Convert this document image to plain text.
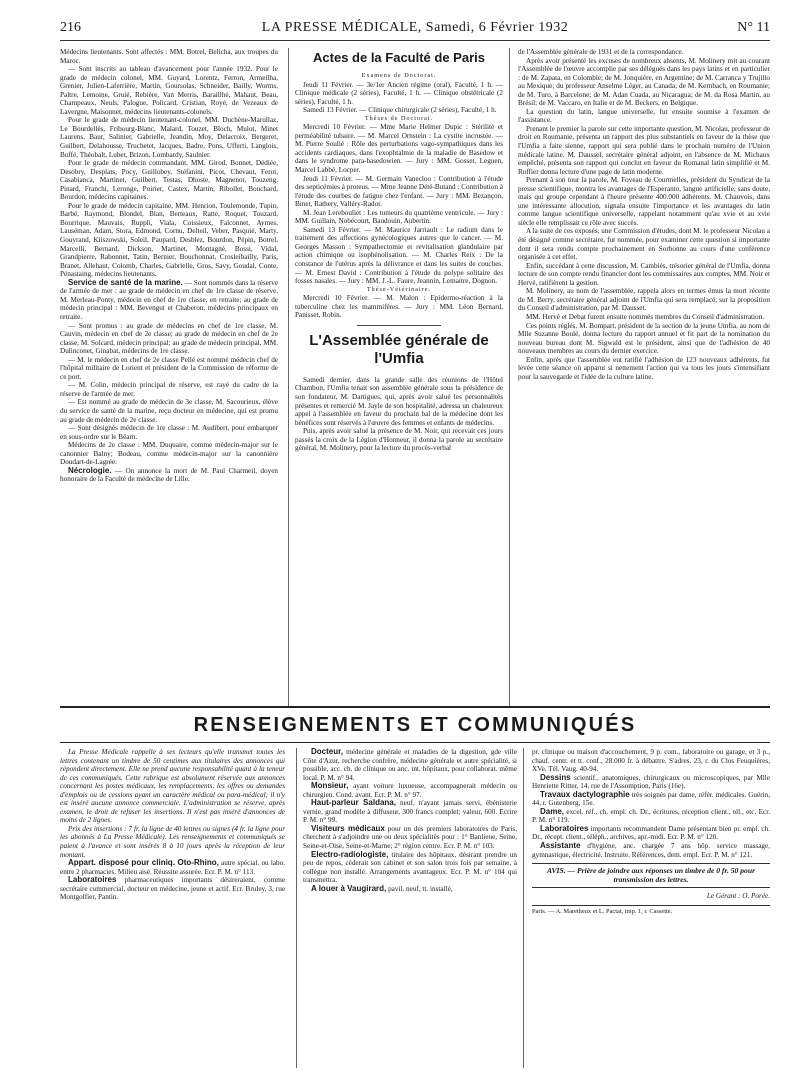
216	LA PRESSE MÉDICALE, Samedi, 6 Février 1932	N° 11

Médecins lieutenants. Sont affectés : MM. Botrel, Belicha, aux troupes du Maroc.

— Sont inscrits au tableau d'avancement pour l'année 1932. Pour le grade de médecin colonel, MM. Guyard, Lorentz, Ferron, Armeilha, Grenier, Julien-Laferrière, Martin, Goursolas, Schneider, Bailly, Worms, Paltre, Lemoine, Gruié, Rebière, Van Merris, Baraillhé, Mahaut, Beau, Champeaux, Neuls, Palogue, Policard, Cristian, Royé, de Vezeaux de Lavergne, Maisonnet, médecins lieutenants-colonels.

Pour le grade de médecin lieutenant-colonel, MM. Duchène-Marullaz, Le Bourdellès, Fribourg-Blanc, Malard, Touzet, Bloch, Mulot, Minet Laurens, Baur, Salinier, Gabrielle, Jeandin, Moy, Delacroix, Bergeret, Guilbert, Delahousse, Truchetet, Jacques, Badre, Pons, Ufferti, Langlois, Buffé, Théobalt, Lubet, Brizon, Lombardy, Saulnier.

Pour le grade de médecin commandant, MM. Girod, Bonnet, Dédiée, Desobry, Desplats, Pocy, Guillobey, Stéfanini, Picot, Chevaut, Ferot, Casabianca, Martinet, Guilbert, Testas, Dhoste, Magnenot, Touzeng, Pinard, Franchi, Leronge, Poirier, Castex, Martin, Ribollet, Bouchard, Bourdon, médecins capitaines.

Pour le grade de médecin capitaine, MM. Henrion, Toulemonde, Tupin, Barbé, Raymond, Blondel, Blan, Berteaux, Ratte, Roquet, Touzard, Bourrique, Mauvais, Ruppli, Viala, Coissieux, Falconnet, Aymes, Lauséman, Adam, Stora, Edmond, Cornu, Delteil, Veber, Pasquié, Marty, Gouyrand, Kliszowski, Soleil, Paupard, Desblez, Bourdon, Pépin, Botrel, Marcelli, Bernard, Dickson, Martinet, Montagné, Bossi, Vidal, Grandpierre, Rabonnet, Tatin, Bernier, Bouchonnat, Crosleibailly, Paris, Branet, Allehaut, Colomb, Charles, Gabrielle, Gros, Savy, Goudal, Conte, Pénastaing, médecins lieutenants.

Service de santé de la marine. — Sont nommés dans la réserve de l'armée de mer : au grade de médecin en chef de 1re classe de réserve, M. Merleau-Ponty, médecin en chef de 1re classe, en retraite; au grade de médecin principal : MM. Bevengut et Chaberon, médecins principaux en retraite.

— Sont promus : au grade de médecins en chef de 1re classe, M. Cauvin, médecin en chef de 2e classe; au grade de médecin en chef de 2e classe, M. Solcard, médecin principal; au grade de médecin principal, MM. Dulinconet, Ginabat, médecins de 1re classe.

— M. le médecin en chef de 2e classe Pellé est nommé médecin chef de l'hôpital militaire de Lorient et président de la Commission de réforme de ce port.

— M. Colin, médecin principal de réserve, est rayé du cadre de la réserve de l'armée de mer.

— Est nommé au grade de médecin de 3e classe, M. Sacourieux, élève du service de santé de la marine, reçu docteur en médecine, qui est promu au grade de médecin de 2e classe.

— Sont désignés médecin de 1re classe : M. Audibert, pour embarquer en sous-ordre sur le Béarn.

Médecins de 2e classe : MM. Duquaire, comme médecin-major sur le canonnier Balny; Bodeau, comme médecin-major sur la canonnière Doudart-de-Lagrée.

Nécrologie. — On annonce la mort de M. Paul Charmeil, doyen honoraire de la Faculté de médecine de Lille.

Actes de la Faculté de Paris

Examens de Doctorat.

Jeudi 11 Février. — 3e/1er Ancien régime (oral), Faculté, 1 h. — Clinique médicale (2 séries), Faculté, 1 h. — Clinique obstétricale (2 séries), Faculté, 1 h.

Samedi 13 Février. — Clinique chirurgicale (2 séries), Faculté, 1 h.

Thèses de Doctorat.

Mercredi 10 Février. — Mme Marie Helmer Dupic : Stérilité et perméabilité tubaire. — M. Marcel Ornstein : La cystite incrustée. — M. Pierre Soulié : Rôle des perturbations vago-sympathiques dans les accidents cardiaques, dans l'exophtalmie de la maladie de Basedow et dans le syndrome para-basedowien. — Jury : MM. Gosset, Leguen, Marcel Labbé, Locper.

Jeudi 11 Février. — M. Germain Vanecloo : Contribution à l'étude des septicémies à proteus. — Mme Jeanne Dété-Butand : Contribution à l'étude des courbes de fatigue chez l'enfant. — Jury : MM. Bezançon, Binet, Rathery, Valléry-Radot.

M. Jean Lerebouliet : Les tumeurs du quatrième ventricule. — Jury : MM. Guillain, Nobécourt, Baudouin, Aubertin.

Samedi 13 Février. — M. Maurice Jarriault : Le radium dans le traitement des affections gynécologiques autres que le cancer. — M. Georges Masson : Sympathectomie et revitalisation glandulaire par action chimique ou isophénolisation. — M. Charles Reix : De la constance de l'utérus après la délivrance et dans les suites de couches. — M. Ernest David : Contribution à l'étude du polype solitaire des fosses nasales. — Jury : MM. J.-L. Faure, Jeannin, Lemaitre, Dognon.

Thèse-Vétérinaire.

Mercredi 10 Février. — M. Malon : Epidermo-réaction à la tuberculine chez les mammifères. — Jury : MM. Léon Bernard, Panisset, Robin.

L'Assemblée générale de l'Umfia

Samedi dernier, dans la grande salle des réunions de l'Hôtel Chambon, l'Umfia tenait son assemblée générale sous la présidence de son fondateur, M. Dartigues, qui, après avoir salué les personnalités présentes et remercié M. Jayle de son hospitalité, adressa un chaleureux appel à l'assemblée en faveur du prochain bal de la médecine dont les bénéfices sont réservés à l'œuvre des femmes et enfants de médecins.

Puis, après avoir salué la présence de M. Noir, qui recevait ces jours passés la croix de la Légion d'Honneur, il donna la parole au secrétaire général, M. Molinery, pour la lecture du procès-verbal

de l'Assemblée générale de 1931 et de la correspondance.

Après avoir présenté les excuses de nombreux absents, M. Molinery mit au courant l'Assemblée de l'œuvre accomplie par ses délégués dans les pays latins et en particulier : de M. Zapata, en Colombie; de M. Jonquière, en Argentine; de M. Carranca y Trujillo au Mexique; du professeur Anselme Léger, au Canada; de M. Kernbach, en Roumanie; de M. Turo, à Barcelone; de M. Adan Cuada, au Nicaragua; de M. da Rosa Martin, au Brésil; de M. Vaccaro, en Italie et de M. Beckers, en Belgique.

La question du latin, langue universelle, fut ensuite soumise à l'examen de l'assistance.

Prenant le premier la parole sur cette importante question, M. Nicolau, professeur de droit en Roumanie, présenta un rapport des plus substantiels en faveur de la thèse que l'Umfia a faite sienne, rapport qui sera publié dans le prochain numéro de l'Union médicale latine. M. Daussel, secrétaire général adjoint, en l'absence de M. Michaux empêché, présenta son rapport qui conclut en faveur du Romanal latin simplifié et M. Ruffier donna lecture d'une page de latin moderne.

Prenant à son tour la parole, M. Foveau de Courmelles, président du Syndicat de la presse scientifique, montra les avantages de l'Esperanto, langue artificielle, sans doute, mais qui groupe cependant à l'heure présente 400.000 adhérents. M. Chauvois, dans une intéressante allocution, signala ensuite l'importance et les avantages du latin comme langue scientifique universelle, rappelant notamment qu'au xvie et au xvie siècle elle remplissait ce rôle avec succès.

A la suite de ces exposés, une Commission d'études, dont M. le professeur Nicolau a été désigné comme secrétaire, fut nommée, pour examiner cette question si importante dont il sera rendu compte prochainement en Sorbonne au cours d'une conférence organisée à cet effet.

Enfin, succédant à cette discussion, M. Cambiès, trésorier général de l'Umfia, donna lecture de son compte rendu financier dont les commissaires aux comptes, MM. Noir et Hervé, ratifièrent la gestion.

M. Molinery, au nom de l'assemblée, rappela alors en termes émus la mort récente de M. Berry, secrétaire général adjoint de l'Umfia qui sera remplacé, sur la proposition du Conseil d'administration, par M. Dausset.

MM. Hervé et Debat furent ensuite nommés membres du Conseil d'administration.

Ces points réglés, M. Bompart, président de la section de la jeune Umfia, au nom de Mlle Suzanne Boulé, donna lecture du rapport annuel et fit part de la nomination du nouveau bureau dont M. Sigwald est le président, ainsi que de l'adhésion de 40 nouveaux membres au cours du dernier exercice.

Enfin, après que l'assemblée eut ratifié l'adhésion de 123 nouveaux adhérents, fut levée cette séance où apparut si nettement l'action qui va tous les jours s'intensifiant pour la sauvegarde et l'idée de la culture latine.

RENSEIGNEMENTS ET COMMUNIQUÉS

La Presse Médicale rappelle à ses lecteurs qu'elle transmet toutes les lettres contenant un timbre de 50 centimes aux titulaires des annonces qui répondent directement. Elle ne prend aucune responsabilité quant à la teneur de ces communiqués. Cette rubrique est absolument réservée aux annonces concernant les postes médicaux, les remplacements, les offres ou demandes d'emplois ou de cessions ayant un caractère médical ou para-médical; il n'y est inséré aucune annonce commerciale. L'administration se réserve, après examen, le droit de refuser les insertions. Il n'est pas inséré d'annonces de moins de 2 lignes.

Prix des insertions : 7 fr. la ligne de 40 lettres ou signes (4 fr. la ligne pour les abonnés à La Presse Médicale). Les renseignements et communiqués se paient à l'avance et sont insérés 8 à 10 jours après la réception de leur montant.

Appart. disposé pour cliniq. Oto-Rhino, autre spécial. ou labo. entre 2 pharmacies. Milieu aisé. Réussite assurée. Ecr. P. M. n° 113.

Laboratoires pharmaceutiques importants désireraient, comme secrétaire commercial, docteur en médecine, jeune et actif. Ecr. Bruley, 3, rue Montgolfier, Pantin.

Docteur, médecine générale et maladies de la digestion, gde ville Côte d'Azur, recherche confrère, médecine générale et autre spécialité, si possible, acc. ch. de clinique ou anc. int. hôpitaux, pour collaborat. même local. P. M. n° 94.

Monsieur, ayant voiture luxueuse, accompagnerait médecin ou chirurgien. Cond. avant. Ecr. P. M. n° 97.

Haut-parleur Saldana, neuf, n'ayant jamais servi, ébénisterie vernie, grand modèle à diffuseur, 300 francs complet; valeur, 600. Ecrire P. M. n° 99.

Visiteurs médicaux pour un des premiers laboratoires de Paris, cherchent à s'adjoindre une ou deux spécialités pour : 1° Banlieue, Seine, Seine-et-Oise, Seine-et-Marne; 2° région centre. Ecr. P. M. n° 103.

Electro-radiologiste, titulaire des hôpitaux, désirant prendre un peu de repos, céderait son cabinet et son salon trois fois par semaine, à collègue non installé. Arrangements avantageux. Ecr. P. M. n° 104 qui transmettra.

A louer à Vaugirard, pavil. neuf, tt. installé,

pr. clinique ou maison d'accouchement, 9 p. com., laboratoire ou garage, et 3 p., chauf. centr. et tt. conf., 28.000 fr. à débattre. S'adres. 23, r. du Clos Feuquières, XVe. Tél. Vaug. 40-94.

Dessins scientif., anatomiques, chirurgicaux ou microscopiques, par Mlle Henriette Ritter, 14, rue de l'Assomption, Paris (16e).

Travaux dactylographie très soignés par dame, référ. médicales. Guérin, 44, r. Gutenberg, 15e.

Dame, excel. réf., ch. empl. ch. Dr., écritures, réception client., tél., etc. Ecr. P. M. n° 119.

Laboratoires importants recommandent Dame présentant bien pr. empl. ch. Dr., récept. client., téléph., archives, apr.-midi. Ecr. P. M. n° 120.

Assistante d'hygiène, anc. chargée 7 ans hôp. service massage, gymnastique, électricité. Instruite. Références, dem. empl. Ecr. P. M. n° 121.

AVIS. — Prière de joindre aux réponses un timbre de 0 fr. 50 pour transmission des lettres.
Le Gérant : O. Porée.

Paris. — A. Maretheux et L. Pactat, imp. 1, r. Cassette.
